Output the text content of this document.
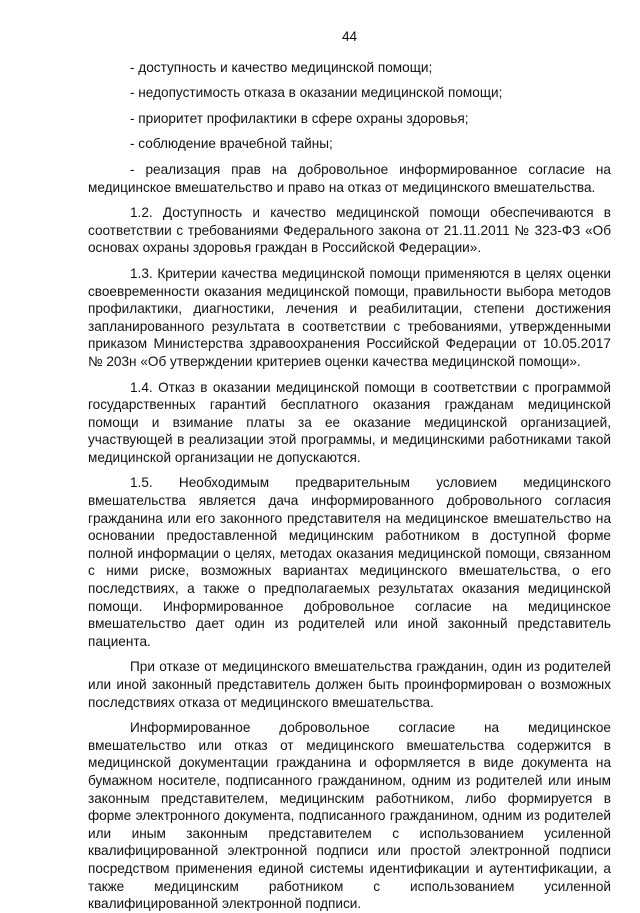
44

- доступность и качество медицинской помощи;

- недопустимость отказа в оказании медицинской помощи;

- приоритет профилактики в сфере охраны здоровья;

- соблюдение врачебной тайны;

- реализация прав на добровольное информированное согласие на медицинское вмешательство и право на отказ от медицинского вмешательства.

1.2. Доступность и качество медицинской помощи обеспечиваются в соответствии с требованиями Федерального закона от 21.11.2011 № 323-ФЗ «Об основах охраны здоровья граждан в Российской Федерации».

1.3. Критерии качества медицинской помощи применяются в целях оценки своевременности оказания медицинской помощи, правильности выбора методов профилактики, диагностики, лечения и реабилитации, степени достижения запланированного результата в соответствии с требованиями, утвержденными приказом Министерства здравоохранения Российской Федерации от 10.05.2017 № 203н «Об утверждении критериев оценки качества медицинской помощи».

1.4. Отказ в оказании медицинской помощи в соответствии с программой государственных гарантий бесплатного оказания гражданам медицинской помощи и взимание платы за ее оказание медицинской организацией, участвующей в реализации этой программы, и медицинскими работниками такой медицинской организации не допускаются.

1.5. Необходимым предварительным условием медицинского вмешательства является дача информированного добровольного согласия гражданина или его законного представителя на медицинское вмешательство на основании предоставленной медицинским работником в доступной форме полной информации о целях, методах оказания медицинской помощи, связанном с ними риске, возможных вариантах медицинского вмешательства, о его последствиях, а также о предполагаемых результатах оказания медицинской помощи. Информированное добровольное согласие на медицинское вмешательство дает один из родителей или иной законный представитель пациента.

При отказе от медицинского вмешательства гражданин, один из родителей или иной законный представитель должен быть проинформирован о возможных последствиях отказа от медицинского вмешательства.

Информированное добровольное согласие на медицинское вмешательство или отказ от медицинского вмешательства содержится в медицинской документации гражданина и оформляется в виде документа на бумажном носителе, подписанного гражданином, одним из родителей или иным законным представителем, медицинским работником, либо формируется в форме электронного документа, подписанного гражданином, одним из родителей или иным законным представителем с использованием усиленной квалифицированной электронной подписи или простой электронной подписи посредством применения единой системы идентификации и аутентификации, а также медицинским работником с использованием усиленной квалифицированной электронной подписи.
